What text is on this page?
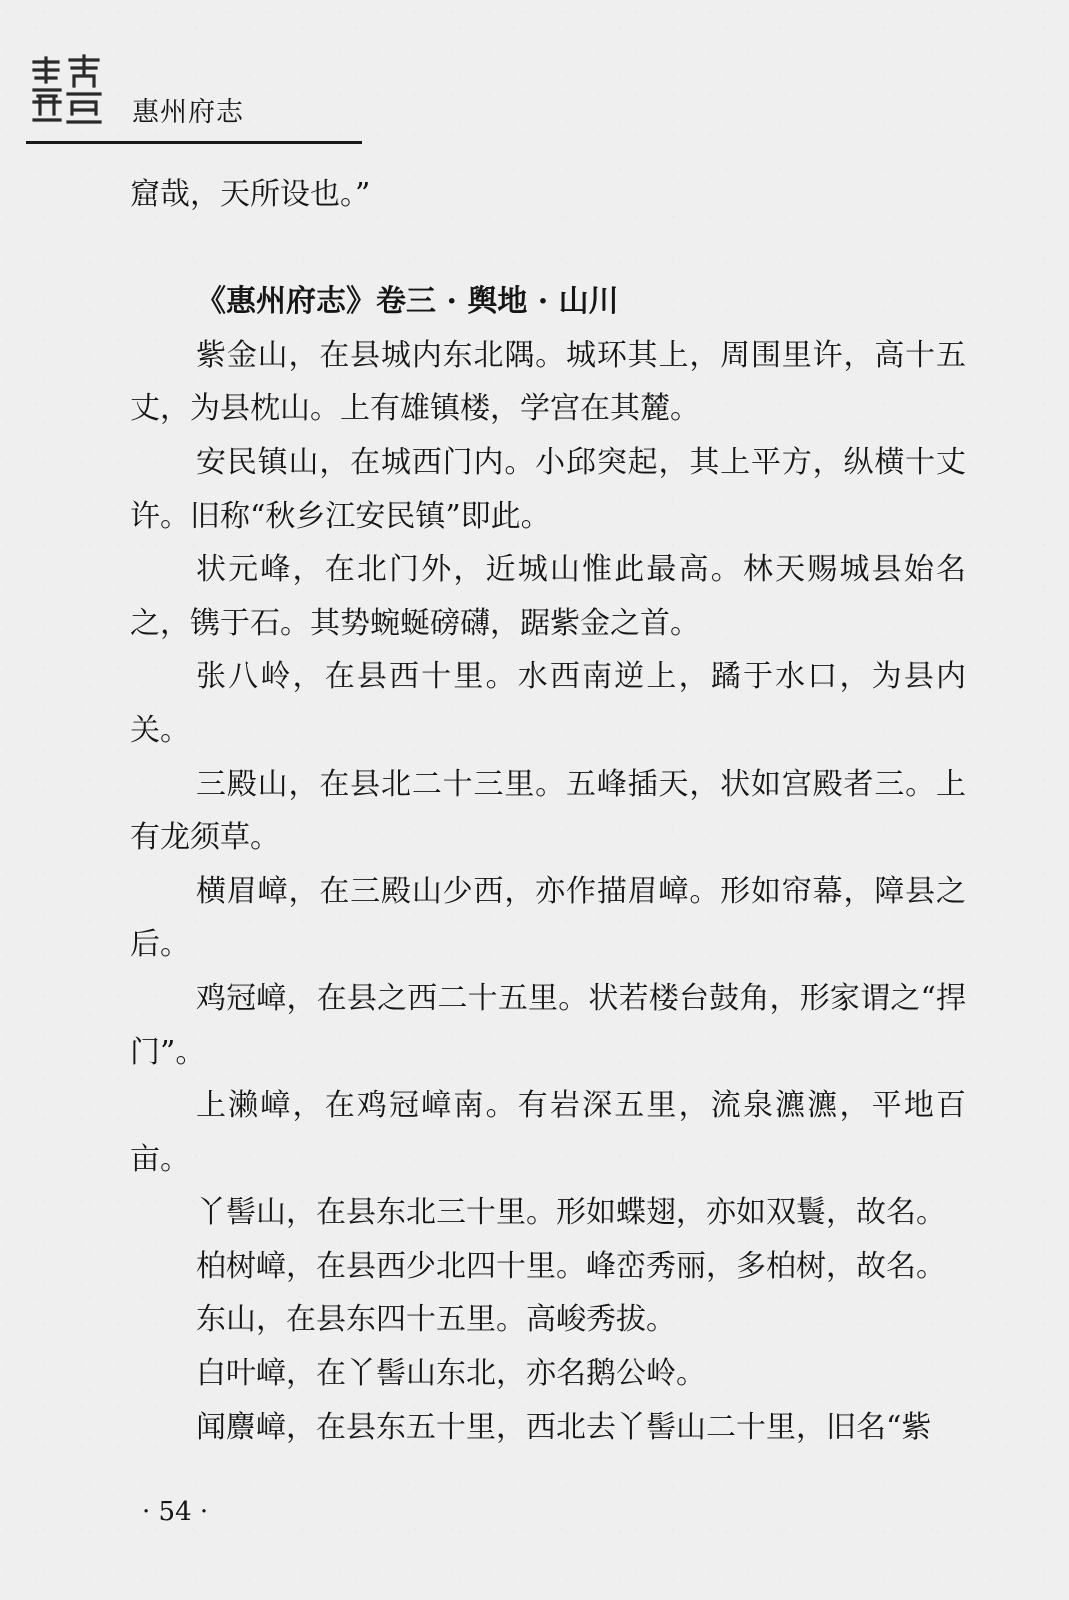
惠州府志

窟哉，天所设也。”

《惠州府志》卷三 · 舆地 · 山川

紫金山，在县城内东北隅。城环其上，周围里许，高十五丈，为县枕山。上有雄镇楼，学宫在其麓。

安民镇山，在城西门内。小邱突起，其上平方，纵横十丈许。旧称“秋乡江安民镇”即此。

状元峰，在北门外，近城山惟此最高。林天赐城县始名之，镌于石。其势蜿蜒磅礴，踞紫金之首。

张八岭，在县西十里。水西南逆上，蹫于水口，为县内关。

三殿山，在县北二十三里。五峰插天，状如宫殿者三。上有龙须草。

横眉嶂，在三殿山少西，亦作描眉嶂。形如帘幕，障县之后。

鸡冠嶂，在县之西二十五里。状若楼台鼓角，形家谓之“捍门”。

上濑嶂，在鸡冠嶂南。有岩深五里，流泉瀌瀌，平地百亩。

丫髻山，在县东北三十里。形如蝶翅，亦如双鬟，故名。

柏树嶂，在县西少北四十里。峰峦秀丽，多柏树，故名。

东山，在县东四十五里。高峻秀拔。

白叶嶂，在丫髻山东北，亦名鹅公岭。

闻麖嶂，在县东五十里，西北去丫髻山二十里，旧名“紫

· 54 ·
